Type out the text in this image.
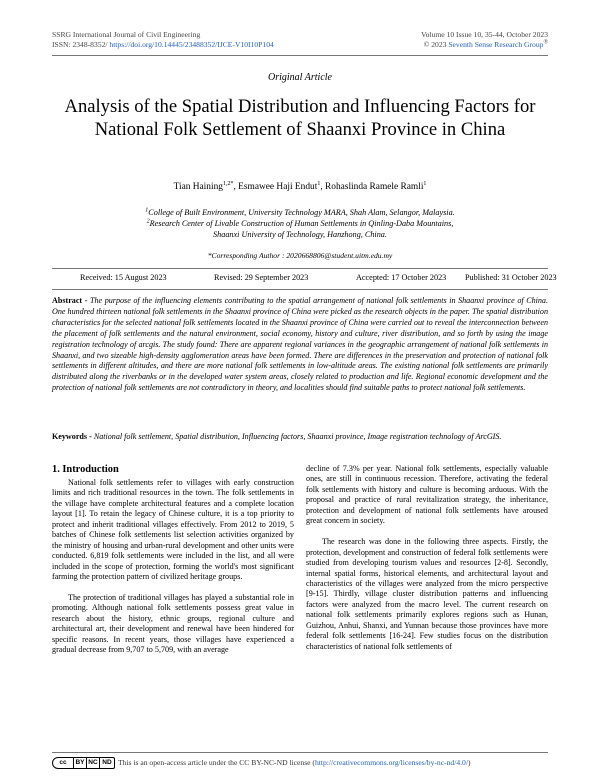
SSRG International Journal of Civil Engineering
ISSN: 2348-8352/ https://doi.org/10.14445/23488352/IJCE-V10I10P104
Volume 10 Issue 10, 35-44, October 2023
© 2023 Seventh Sense Research Group®
Original Article
Analysis of the Spatial Distribution and Influencing Factors for National Folk Settlement of Shaanxi Province in China
Tian Haining$^{1,2*}$, Esmawee Haji Endut$^1$, Rohaslinda Ramele Ramli$^1$
$^1$College of Built Environment, University Technology MARA, Shah Alam, Selangor, Malaysia.
$^2$Research Center of Livable Construction of Human Settlements in Qinling-Daba Mountains,
Shaanxi University of Technology, Hanzhong, China.
*Corresponding Author : 2020668806@student.uitm.edu.my
Received: 15 August 2023	Revised: 29 September 2023	Accepted: 17 October 2023 Published: 31 October 2023
Abstract - The purpose of the influencing elements contributing to the spatial arrangement of national folk settlements in Shaanxi province of China. One hundred thirteen national folk settlements in the Shaanxi province of China were picked as the research objects in the paper. The spatial distribution characteristics for the selected national folk settlements located in the Shaanxi province of China were carried out to reveal the interconnection between the placement of folk settlements and the natural environment, social economy, history and culture, river distribution, and so forth by using the image registration technology of arcgis. The study found: There are apparent regional variances in the geographic arrangement of national folk settlements in Shaanxi, and two sizeable high-density agglomeration areas have been formed. There are differences in the preservation and protection of national folk settlements in different altitudes, and there are more national folk settlements in low-altitude areas. The existing national folk settlements are primarily distributed along the riverbanks or in the developed water system areas, closely related to production and life. Regional economic development and the protection of national folk settlements are not contradictory in theory, and localities should find suitable paths to protect national folk settlements.
Keywords - National folk settlement, Spatial distribution, Influencing factors, Shaanxi province, Image registration technology of ArcGIS.
1. Introduction

National folk settlements refer to villages with early construction limits and rich traditional resources in the town. The folk settlements in the village have complete architectural features and a complete location layout [1]. To retain the legacy of Chinese culture, it is a top priority to protect and inherit traditional villages effectively. From 2012 to 2019, 5 batches of Chinese folk settlements list selection activities organized by the ministry of housing and urban-rural development and other units were conducted. 6,819 folk settlements were included in the list, and all were included in the scope of protection, forming the world's most significant farming the protection pattern of civilized heritage groups.

The protection of traditional villages has played a substantial role in promoting. Although national folk settlements possess great value in research about the history, ethnic groups, regional culture and architectural art, their development and renewal have been hindered for specific reasons. In recent years, those villages have experienced a gradual decrease from 9,707 to 5,709, with an average

decline of 7.3% per year. National folk settlements, especially valuable ones, are still in continuous recession. Therefore, activating the federal folk settlements with history and culture is becoming arduous. With the proposal and practice of rural revitalization strategy, the inheritance, protection and development of national folk settlements have aroused great concern in society.

The research was done in the following three aspects. Firstly, the protection, development and construction of federal folk settlements were studied from developing tourism values and resources [2-8]. Secondly, internal spatial forms, historical elements, and architectural layout and characteristics of the villages were analyzed from the micro perspective [9-15]. Thirdly, village cluster distribution patterns and influencing factors were analyzed from the macro level. The current research on national folk settlements primarily explores regions such as Hunan, Guizhou, Anhui, Shanxi, and Yunnan because those provinces have more federal folk settlements [16-24]. Few studies focus on the distribution characteristics of national folk settlements of

cc	BY NC ND This is an open-access article under the CC BY-NC-ND license (http://creativecommons.org/licenses/by-nc-nd/4.0/)
